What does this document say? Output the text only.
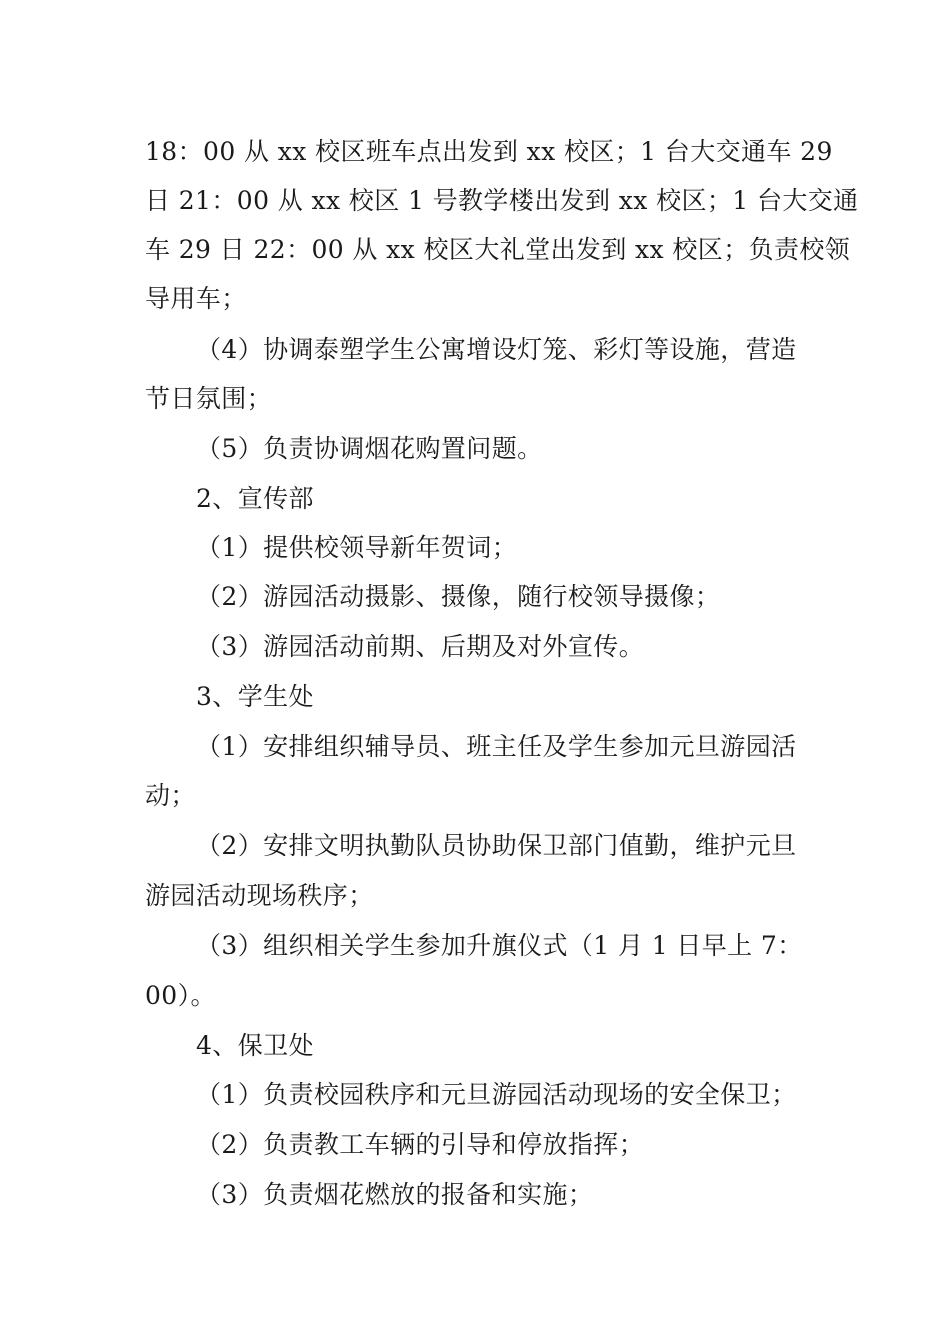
18：00 从 xx 校区班车点出发到 xx 校区；1 台大交通车 29
日 21：00 从 xx 校区 1 号教学楼出发到 xx 校区；1 台大交通
车 29 日 22：00 从 xx 校区大礼堂出发到 xx 校区；负责校领
导用车；
（4）协调泰塑学生公寓增设灯笼、彩灯等设施，营造
节日氛围；
（5）负责协调烟花购置问题。
2、宣传部
（1）提供校领导新年贺词；
（2）游园活动摄影、摄像，随行校领导摄像；
（3）游园活动前期、后期及对外宣传。
3、学生处
（1）安排组织辅导员、班主任及学生参加元旦游园活
动；
（2）安排文明执勤队员协助保卫部门值勤，维护元旦
游园活动现场秩序；
（3）组织相关学生参加升旗仪式（1 月 1 日早上 7：
00）。
4、保卫处
（1）负责校园秩序和元旦游园活动现场的安全保卫；
（2）负责教工车辆的引导和停放指挥；
（3）负责烟花燃放的报备和实施；
